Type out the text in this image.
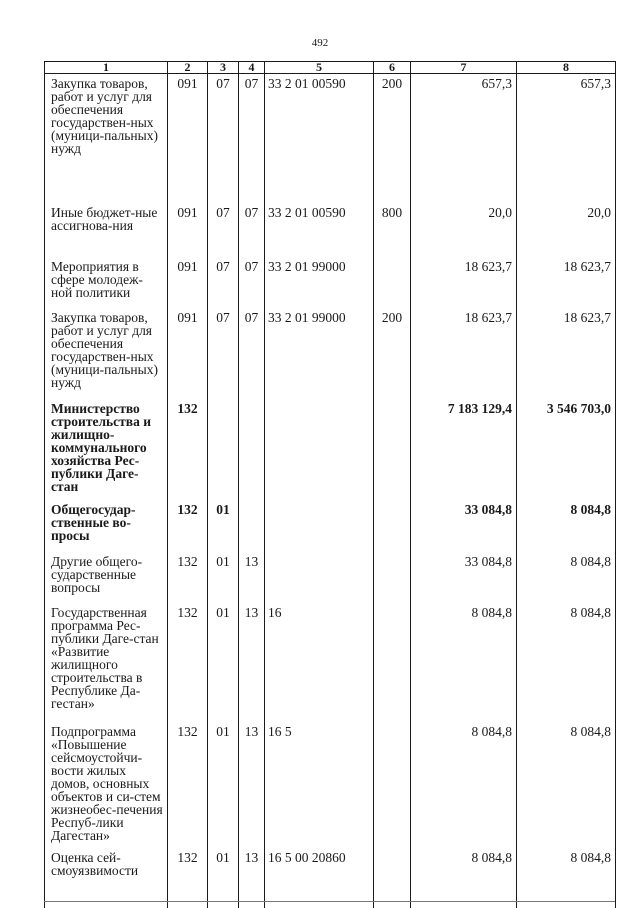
492
1	2	3	4	5	6	7	8
Закупка товаров, работ и услуг для обеспечения государствен-ных (муници-пальных) нужд	091	07	07	33 2 01 00590	200	657,3	657,3
Иные бюджет-ные ассигнова-ния	091	07	07	33 2 01 00590	800	20,0	20,0
Мероприятия в сфере молодеж-ной политики	091	07	07	33 2 01 99000		18 623,7	18 623,7
Закупка товаров, работ и услуг для обеспечения государствен-ных (муници-пальных) нужд	091	07	07	33 2 01 99000	200	18 623,7	18 623,7
Министерство строительства и жилищно-коммунального хозяйства Рес-публики Даге-стан	132					7 183 129,4	3 546 703,0
Общегосудар-ственные во-просы	132	01				33 084,8	8 084,8
Другие общего-сударственные вопросы	132	01	13			33 084,8	8 084,8
Государственная программа Рес-публики Даге-стан «Развитие жилищного строительства в Республике Да-гестан»	132	01	13	16		8 084,8	8 084,8
Подпрограмма «Повышение сейсмоустойчи-вости жилых домов, основных объектов и си-стем жизнеобес-печения Респуб-лики Дагестан»	132	01	13	16 5		8 084,8	8 084,8
Оценка сей-смоуязвимости	132	01	13	16 5 00 20860		8 084,8	8 084,8
